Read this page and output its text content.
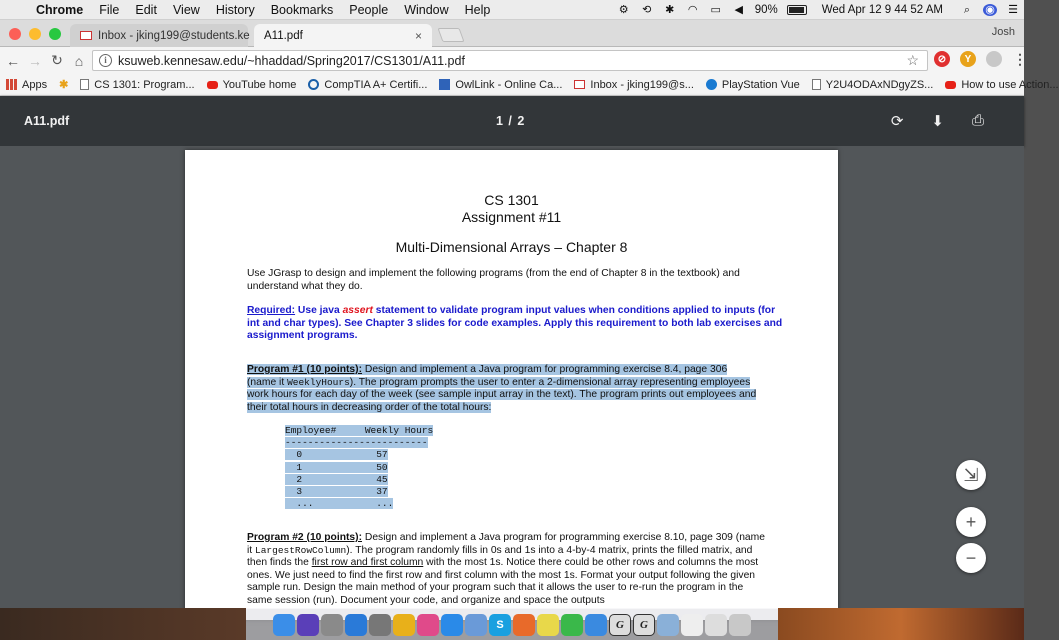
Chrome	File	Edit	View	History	Bookmarks	People	Window	Help	⚙ ⟲ ✱ ◠ ▭ ◀ 90%	Wed Apr 12 9 44 52 AM	⌕	◉ ☰
Inbox - jking199@students.ke A11.pdf	×	Josh
← → ↻ ⌂	i ksuweb.kennesaw.edu/~hhaddad/Spring2017/CS1301/A11.pdf	☆	⊘	Y	⋮
Apps ✱ CS 1301: Program...	YouTube home	CompTIA A+ Certifi...	OwlLink - Online Ca...	Inbox - jking199@s...	PlayStation Vue Y2U4ODAxNDgyZS...	How to use Action...
A11.pdf	1 / 2	⟳ ⬇ ⎙
CS 1301
Assignment #11
Multi-Dimensional Arrays – Chapter 8
Use JGrasp to design and implement the following programs (from the end of Chapter 8 in the textbook) and understand what they do.
Required: Use java assert statement to validate program input values when conditions applied to inputs (for int and char types). See Chapter 3 slides for code examples. Apply this requirement to both lab exercises and assignment programs.
Program #1 (10 points): Design and implement a Java program for programming exercise 8.4, page 306 (name it WeeklyHours). The program prompts the user to enter a 2-dimensional array representing employees work hours for each day of the week (see sample input array in the text). The program prints out employees and their total hours in decreasing order of the total hours:
Employee#     Weekly Hours
-------------------------
0             57
1             50
2             45
3             37
...           ...
Program #2 (10 points): Design and implement a Java program for programming exercise 8.10, page 309 (name it LargestRowColumn). The program randomly fills in 0s and 1s into a 4-by-4 matrix, prints the filled matrix, and then finds the first row and first column with the most 1s. Notice there could be other rows and columns the most ones. We just need to find the first row and first column with the most 1s. Format your output following the given sample run. Design the main method of your program such that it allows the user to re-run the program in the same session (run). Document your code, and organize and space the outputs
⇲
+
−
S	G	G
